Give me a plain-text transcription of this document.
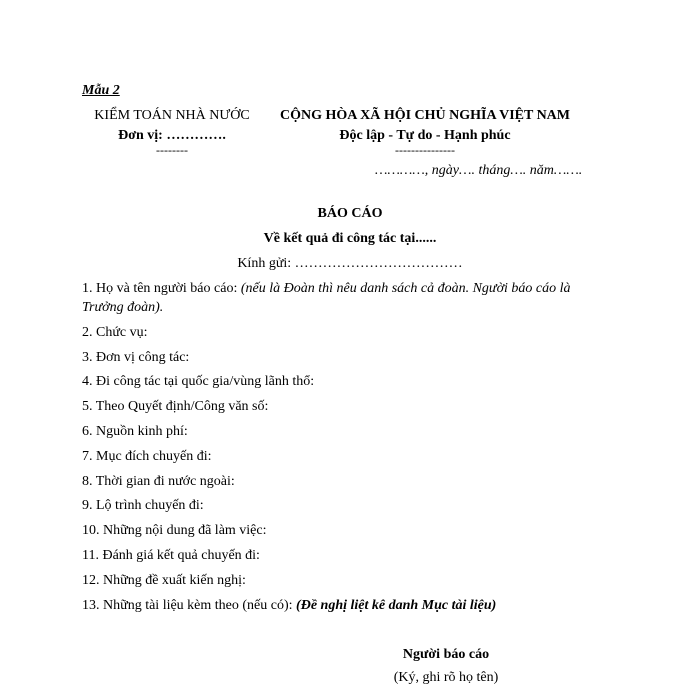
Mẫu 2
KIỂM TOÁN NHÀ NƯỚC
Đơn vị: ………….
--------
CỘNG HÒA XÃ HỘI CHỦ NGHĨA VIỆT NAM
Độc lập - Tự do - Hạnh phúc
---------------
…………, ngày…. tháng…. năm…….
BÁO CÁO
Về kết quả đi công tác tại......
Kính gửi: ………………………………
1. Họ và tên người báo cáo: (nếu là Đoàn thì nêu danh sách cả đoàn. Người báo cáo là
Trưởng đoàn).
2. Chức vụ:
3. Đơn vị công tác:
4. Đi công tác tại quốc gia/vùng lãnh thổ:
5. Theo Quyết định/Công văn số:
6. Nguồn kinh phí:
7. Mục đích chuyến đi:
8. Thời gian đi nước ngoài:
9. Lộ trình chuyến đi:
10. Những nội dung đã làm việc:
11. Đánh giá kết quả chuyến đi:
12. Những đề xuất kiến nghị:
13. Những tài liệu kèm theo (nếu có): (Đề nghị liệt kê danh Mục tài liệu)
Người báo cáo
(Ký, ghi rõ họ tên)
